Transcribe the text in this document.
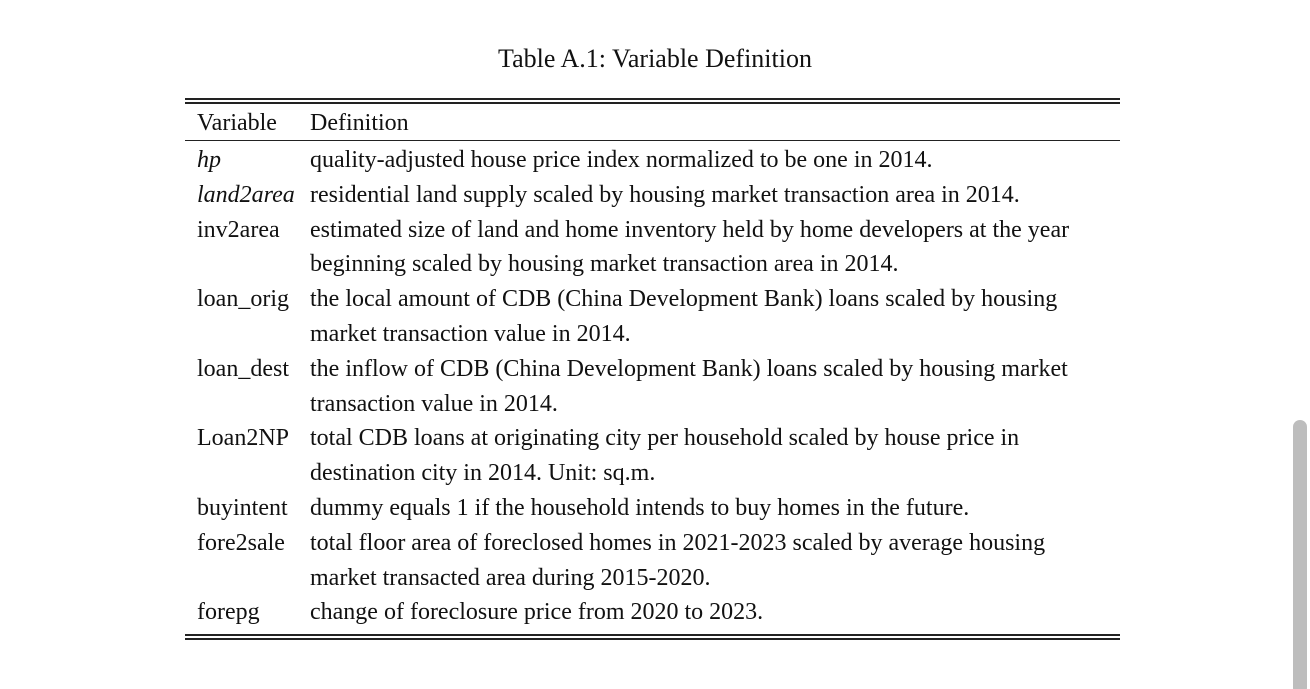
Table A.1: Variable Definition
Variable	Definition
hp	quality-adjusted house price index normalized to be one in 2014.
land2area residential land supply scaled by housing market transaction area in 2014.
inv2area	estimated size of land and home inventory held by home developers at the year beginning scaled by housing market transaction area in 2014.
loan_orig the local amount of CDB (China Development Bank) loans scaled by housing market transaction value in 2014.
loan_dest the inflow of CDB (China Development Bank) loans scaled by housing market transaction value in 2014.
Loan2NP total CDB loans at originating city per household scaled by house price in destination city in 2014. Unit: sq.m.
buyintent dummy equals 1 if the household intends to buy homes in the future.
fore2sale	total floor area of foreclosed homes in 2021-2023 scaled by average housing market transacted area during 2015-2020.
forepg	change of foreclosure price from 2020 to 2023.
